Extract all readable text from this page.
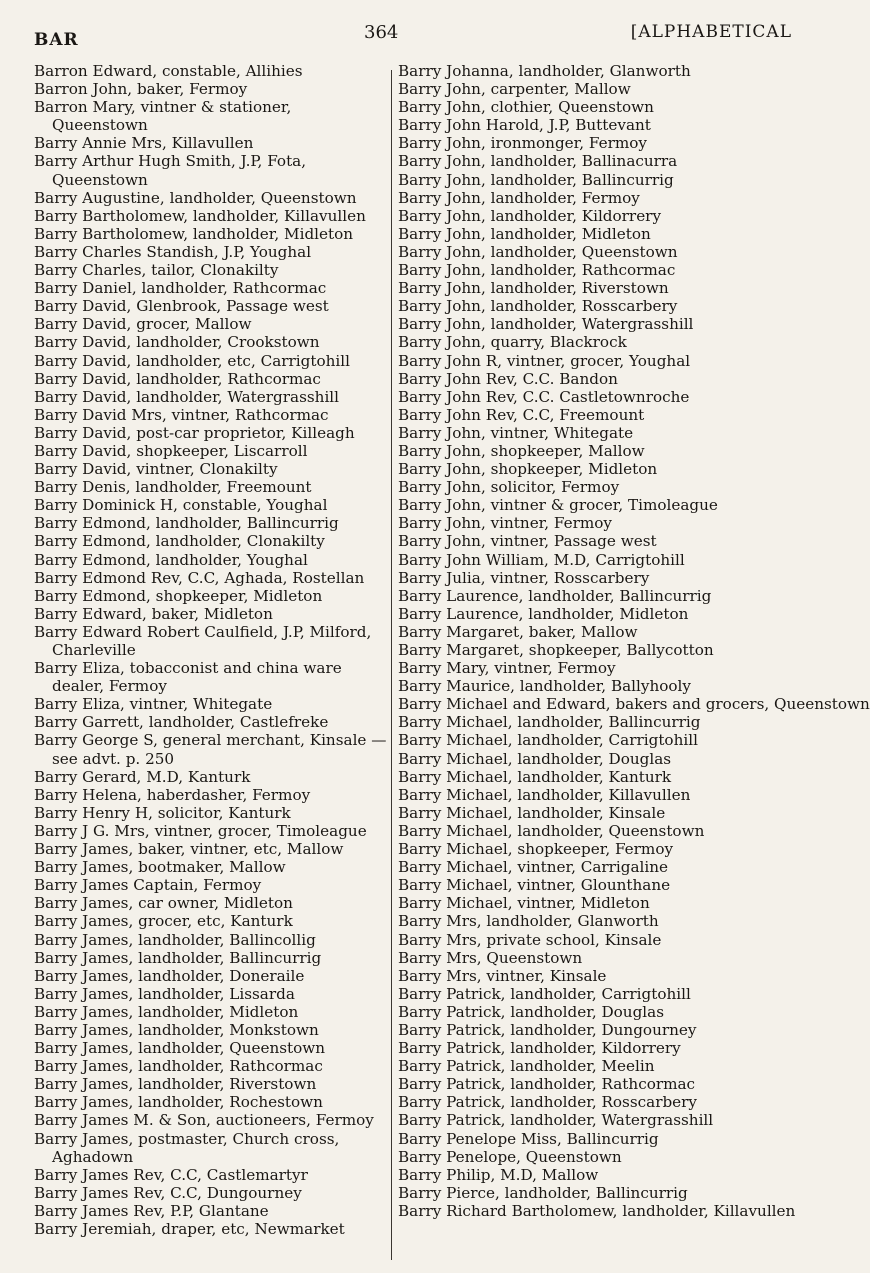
BAR	364	[ALPHABETICAL
Barron Edward, constable, Allihies
Barron John, baker, Fermoy
Barron Mary, vintner & stationer, Queenstown
Barry Annie Mrs, Killavullen
Barry Arthur Hugh Smith, J.P, Fota, Queenstown
Barry Augustine, landholder, Queenstown
Barry Bartholomew, landholder, Killavullen
Barry Bartholomew, landholder, Midleton
Barry Charles Standish, J.P, Youghal
Barry Charles, tailor, Clonakilty
Barry Daniel, landholder, Rathcormac
Barry David, Glenbrook, Passage west
Barry David, grocer, Mallow
Barry David, landholder, Crookstown
Barry David, landholder, etc, Carrigtohill
Barry David, landholder, Rathcormac
Barry David, landholder, Watergrasshill
Barry David Mrs, vintner, Rathcormac
Barry David, post-car proprietor, Killeagh
Barry David, shopkeeper, Liscarroll
Barry David, vintner, Clonakilty
Barry Denis, landholder, Freemount
Barry Dominick H, constable, Youghal
Barry Edmond, landholder, Ballincurrig
Barry Edmond, landholder, Clonakilty
Barry Edmond, landholder, Youghal
Barry Edmond Rev, C.C, Aghada, Rostellan
Barry Edmond, shopkeeper, Midleton
Barry Edward, baker, Midleton
Barry Edward Robert Caulfield, J.P, Milford, Charleville
Barry Eliza, tobacconist and china ware dealer, Fermoy
Barry Eliza, vintner, Whitegate
Barry Garrett, landholder, Castlefreke
Barry George S, general merchant, Kinsale —see advt. p. 250
Barry Gerard, M.D, Kanturk
Barry Helena, haberdasher, Fermoy
Barry Henry H, solicitor, Kanturk
Barry J G. Mrs, vintner, grocer, Timoleague
Barry James, baker, vintner, etc, Mallow
Barry James, bootmaker, Mallow
Barry James Captain, Fermoy
Barry James, car owner, Midleton
Barry James, grocer, etc, Kanturk
Barry James, landholder, Ballincollig
Barry James, landholder, Ballincurrig
Barry James, landholder, Doneraile
Barry James, landholder, Lissarda
Barry James, landholder, Midleton
Barry James, landholder, Monkstown
Barry James, landholder, Queenstown
Barry James, landholder, Rathcormac
Barry James, landholder, Riverstown
Barry James, landholder, Rochestown
Barry James M. & Son, auctioneers, Fermoy
Barry James, postmaster, Church cross, Aghadown
Barry James Rev, C.C, Castlemartyr
Barry James Rev, C.C, Dungourney
Barry James Rev, P.P, Glantane
Barry Jeremiah, draper, etc, Newmarket
Barry Johanna, landholder, Glanworth
Barry John, carpenter, Mallow
Barry John, clothier, Queenstown
Barry John Harold, J.P, Buttevant
Barry John, ironmonger, Fermoy
Barry John, landholder, Ballinacurra
Barry John, landholder, Ballincurrig
Barry John, landholder, Fermoy
Barry John, landholder, Kildorrery
Barry John, landholder, Midleton
Barry John, landholder, Queenstown
Barry John, landholder, Rathcormac
Barry John, landholder, Riverstown
Barry John, landholder, Rosscarbery
Barry John, landholder, Watergrasshill
Barry John, quarry, Blackrock
Barry John R, vintner, grocer, Youghal
Barry John Rev, C.C. Bandon
Barry John Rev, C.C. Castletownroche
Barry John Rev, C.C, Freemount
Barry John, vintner, Whitegate
Barry John, shopkeeper, Mallow
Barry John, shopkeeper, Midleton
Barry John, solicitor, Fermoy
Barry John, vintner & grocer, Timoleague
Barry John, vintner, Fermoy
Barry John, vintner, Passage west
Barry John William, M.D, Carrigtohill
Barry Julia, vintner, Rosscarbery
Barry Laurence, landholder, Ballincurrig
Barry Laurence, landholder, Midleton
Barry Margaret, baker, Mallow
Barry Margaret, shopkeeper, Ballycotton
Barry Mary, vintner, Fermoy
Barry Maurice, landholder, Ballyhooly
Barry Michael and Edward, bakers and grocers, Queenstown
Barry Michael, landholder, Ballincurrig
Barry Michael, landholder, Carrigtohill
Barry Michael, landholder, Douglas
Barry Michael, landholder, Kanturk
Barry Michael, landholder, Killavullen
Barry Michael, landholder, Kinsale
Barry Michael, landholder, Queenstown
Barry Michael, shopkeeper, Fermoy
Barry Michael, vintner, Carrigaline
Barry Michael, vintner, Glounthane
Barry Michael, vintner, Midleton
Barry Mrs, landholder, Glanworth
Barry Mrs, private school, Kinsale
Barry Mrs, Queenstown
Barry Mrs, vintner, Kinsale
Barry Patrick, landholder, Carrigtohill
Barry Patrick, landholder, Douglas
Barry Patrick, landholder, Dungourney
Barry Patrick, landholder, Kildorrery
Barry Patrick, landholder, Meelin
Barry Patrick, landholder, Rathcormac
Barry Patrick, landholder, Rosscarbery
Barry Patrick, landholder, Watergrasshill
Barry Penelope Miss, Ballincurrig
Barry Penelope, Queenstown
Barry Philip, M.D, Mallow
Barry Pierce, landholder, Ballincurrig
Barry Richard Bartholomew, landholder, Killavullen
